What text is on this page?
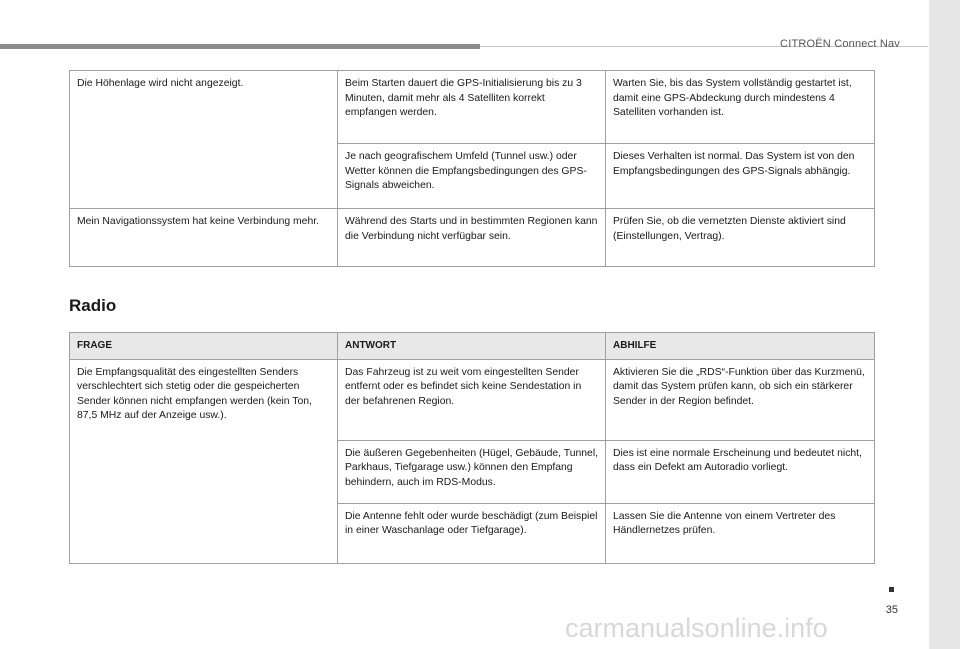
CITROËN Connect Nav
Die Höhenlage wird nicht angezeigt.	Beim Starten dauert die GPS-Initialisierung bis zu 3 Minuten, damit mehr als 4 Satelliten korrekt empfangen werden.	Warten Sie, bis das System vollständig gestartet ist, damit eine GPS-Abdeckung durch mindestens 4 Satelliten vorhanden ist.
	Je nach geografischem Umfeld (Tunnel usw.) oder Wetter können die Empfangsbedingungen des GPS-Signals abweichen.	Dieses Verhalten ist normal. Das System ist von den Empfangsbedingungen des GPS-Signals abhängig.
Mein Navigationssystem hat keine Verbindung mehr.	Während des Starts und in bestimmten Regionen kann die Verbindung nicht verfügbar sein.	Prüfen Sie, ob die vernetzten Dienste aktiviert sind (Einstellungen, Vertrag).
Radio
FRAGE	ANTWORT	ABHILFE
Die Empfangsqualität des eingestellten Senders verschlechtert sich stetig oder die gespeicherten Sender können nicht empfangen werden (kein Ton, 87,5 MHz auf der Anzeige usw.).	Das Fahrzeug ist zu weit vom eingestellten Sender entfernt oder es befindet sich keine Sendestation in der befahrenen Region.	Aktivieren Sie die „RDS“-Funktion über das Kurzmenü, damit das System prüfen kann, ob sich ein stärkerer Sender in der Region befindet.
	Die äußeren Gegebenheiten (Hügel, Gebäude, Tunnel, Parkhaus, Tiefgarage usw.) können den Empfang behindern, auch im RDS-Modus.	Dies ist eine normale Erscheinung und bedeutet nicht, dass ein Defekt am Autoradio vorliegt.
	Die Antenne fehlt oder wurde beschädigt (zum Beispiel in einer Waschanlage oder Tiefgarage).	Lassen Sie die Antenne von einem Vertreter des Händlernetzes prüfen.
35
carmanualsonline.info
